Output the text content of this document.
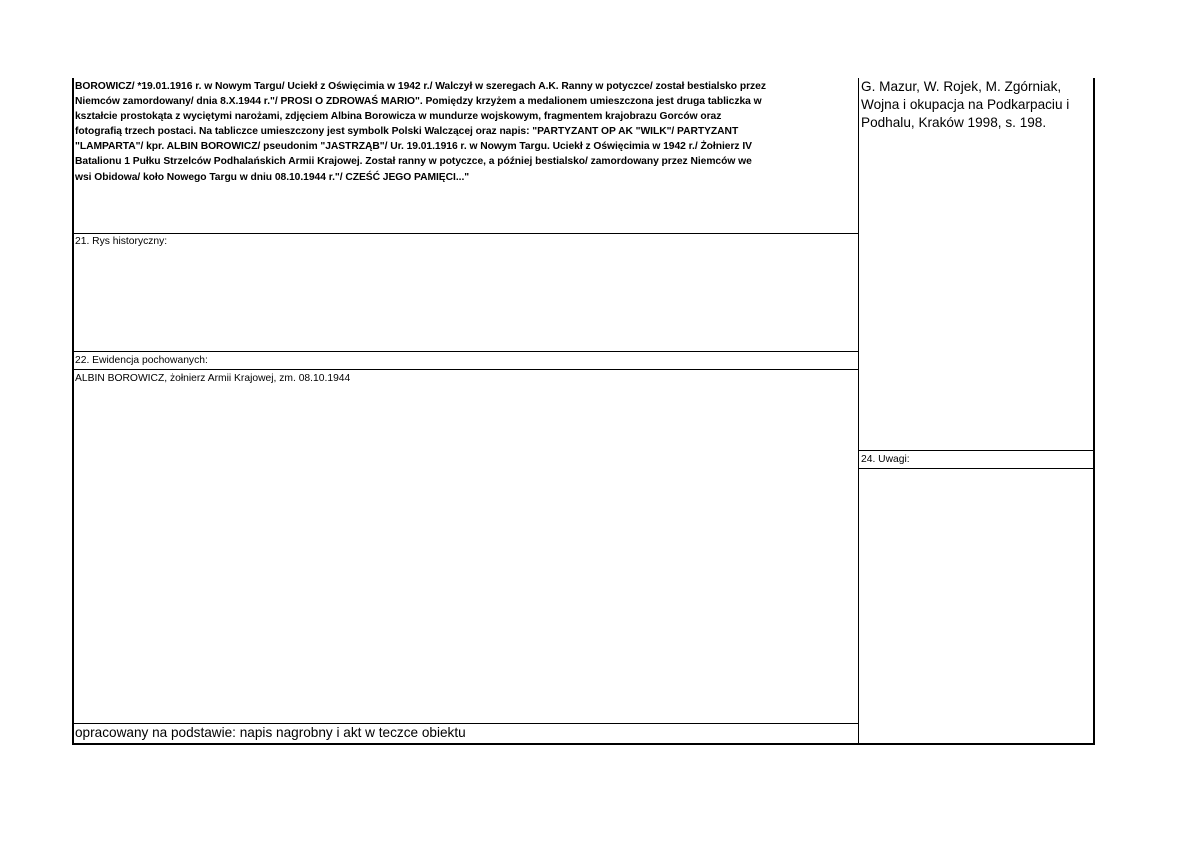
BOROWICZ/ *19.01.1916 r. w Nowym Targu/ Uciekł z Oświęcimia w 1942 r./ Walczył w szeregach A.K. Ranny w potyczce/ został bestialsko przez
Niemców zamordowany/ dnia 8.X.1944 r."/ PROSI O ZDROWAŚ MARIO". Pomiędzy krzyżem a medalionem umieszczona jest druga tabliczka w
kształcie prostokąta z wyciętymi narożami, zdjęciem Albina Borowicza w mundurze wojskowym, fragmentem krajobrazu Gorców oraz
fotografią trzech postaci. Na tabliczce umieszczony jest symbolk Polski Walczącej oraz napis: "PARTYZANT OP AK "WILK"/ PARTYZANT
"LAMPARTA"/ kpr. ALBIN BOROWICZ/ pseudonim "JASTRZĄB"/ Ur. 19.01.1916 r. w Nowym Targu. Uciekł z Oświęcimia w 1942 r./ Żołnierz IV
Batalionu 1 Pułku Strzelców Podhalańskich Armii Krajowej. Został ranny w potyczce, a później bestialsko/ zamordowany przez Niemców we
wsi Obidowa/ koło Nowego Targu w dniu 08.10.1944 r."/ CZEŚĆ JEGO PAMIĘCI..."
G. Mazur, W. Rojek, M. Zgórniak,
Wojna i okupacja na Podkarpaciu i
Podhalu, Kraków 1998, s. 198.
21. Rys historyczny:
22. Ewidencja pochowanych:
ALBIN BOROWICZ, żołnierz Armii Krajowej, zm. 08.10.1944
24. Uwagi:
opracowany na podstawie: napis nagrobny i akt w teczce obiektu
